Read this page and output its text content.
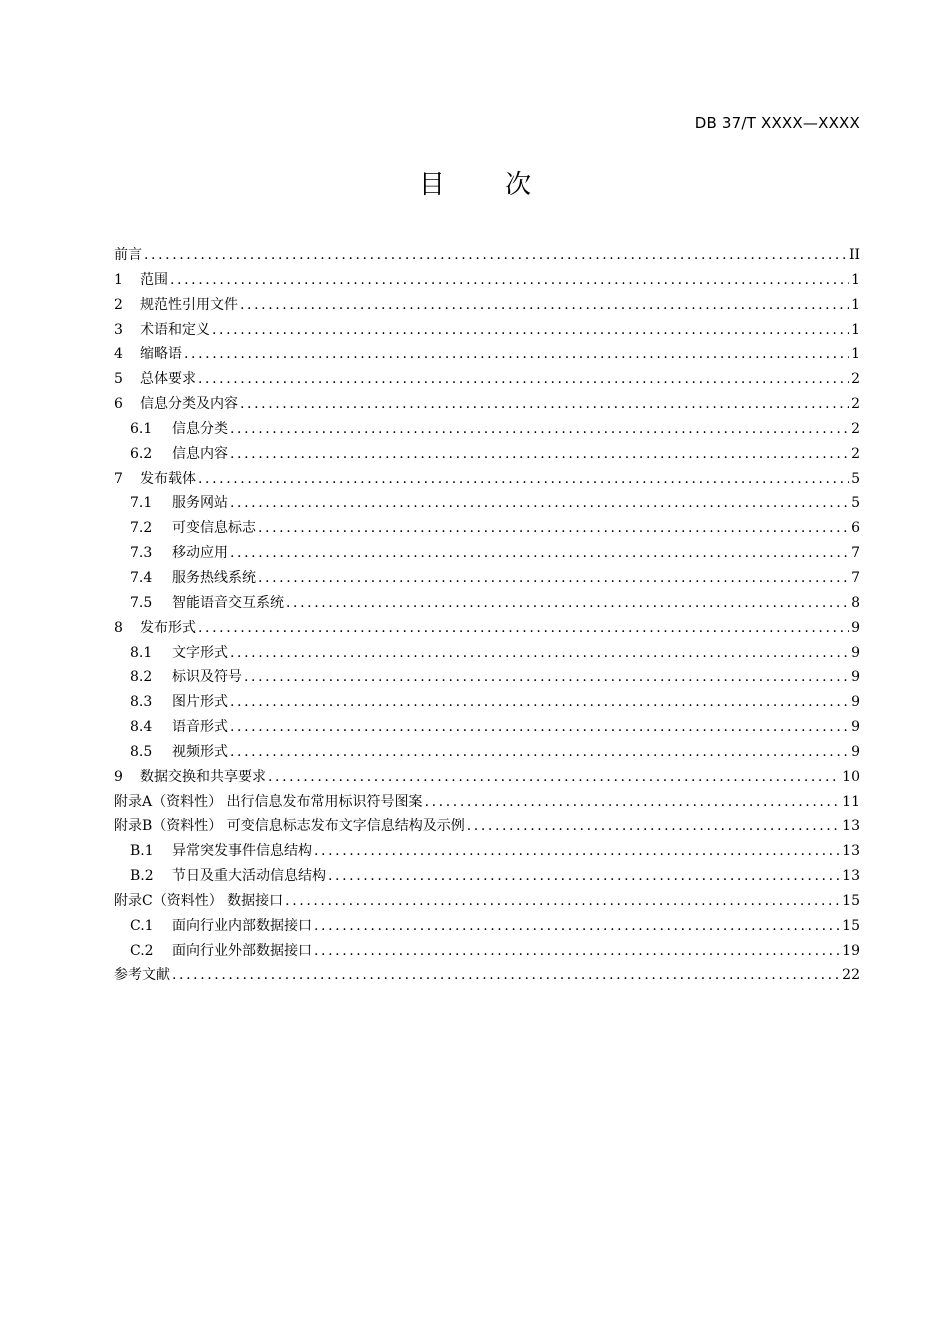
DB 37/T XXXX—XXXX
目 次
前言 .....	II
1	范围 .....	1
2	规范性引用文件 .....	1
3	术语和定义 .....	1
4	缩略语 .....	1
5	总体要求 .....	2
6	信息分类及内容 .....	2
6.1	信息分类 .....	2
6.2	信息内容 .....	2
7	发布载体 .....	5
7.1	服务网站 .....	5
7.2	可变信息标志 .....	6
7.3	移动应用 .....	7
7.4	服务热线系统 .....	7
7.5	智能语音交互系统 .....	8
8	发布形式 .....	9
8.1	文字形式 .....	9
8.2	标识及符号 .....	9
8.3	图片形式 .....	9
8.4	语音形式 .....	9
8.5	视频形式 .....	9
9	数据交换和共享要求 .....	10
附录A（资料性） 出行信息发布常用标识符号图案 .....	11
附录B（资料性） 可变信息标志发布文字信息结构及示例 .....	13
B.1	异常突发事件信息结构 .....	13
B.2	节日及重大活动信息结构 .....	13
附录C（资料性） 数据接口 .....	15
C.1	面向行业内部数据接口 .....	15
C.2	面向行业外部数据接口 .....	19
参考文献 .....	22
